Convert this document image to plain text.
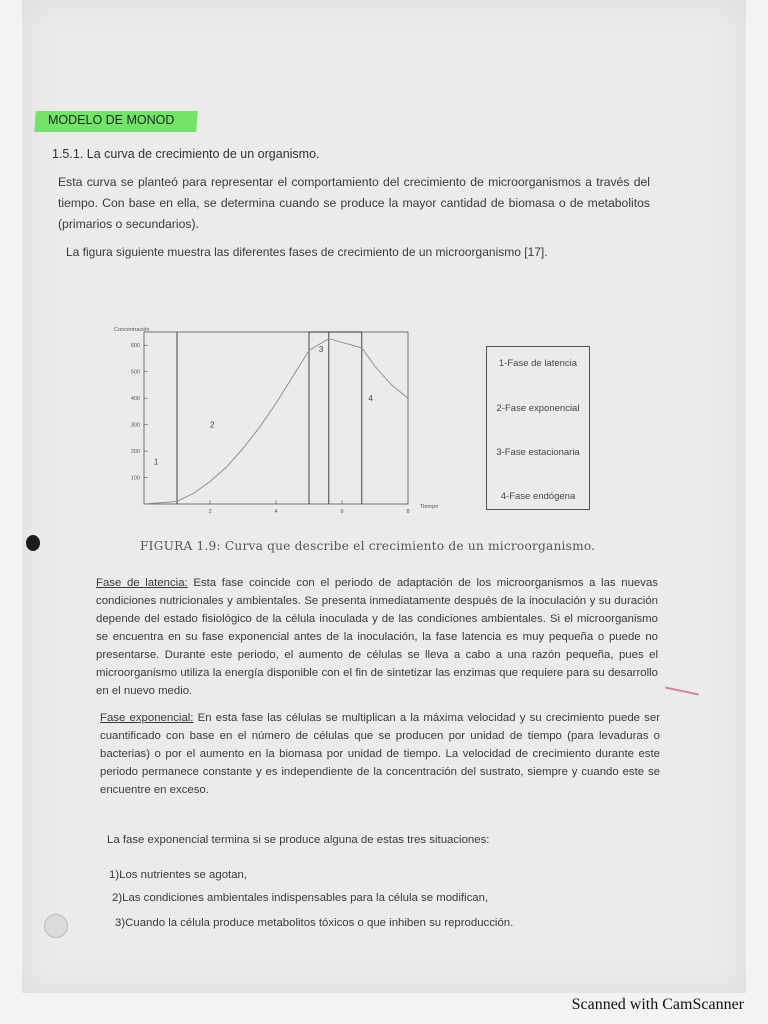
MODELO DE MONOD

1.5.1. La curva de crecimiento de un organismo.

Esta curva se planteó para representar el comportamiento del crecimiento de microorganismos a través del tiempo. Con base en ella, se determina cuando se produce la mayor cantidad de biomasa o de metabolitos (primarios o secundarios).

La figura siguiente muestra las diferentes fases de crecimiento de un microorganismo [17].

100
200
300
400
500
600
2	4	6	8
Concentración
Tiempo
1
2
3
4
1-Fase de latencia
2-Fase exponencial
3-Fase estacionaria
4-Fase endógena

FIGURA 1.9: Curva que describe el crecimiento de un microorganismo.

Fase de latencia: Esta fase coincide con el periodo de adaptación de los microorganismos a las nuevas condiciones nutricionales y ambientales. Se presenta inmediatamente después de la inoculación y su duración depende del estado fisiológico de la célula inoculada y de las condiciones ambientales. Si el microorganismo se encuentra en su fase exponencial antes de la inoculación, la fase latencia es muy pequeña o puede no presentarse. Durante este periodo, el aumento de células se lleva a cabo a una razón pequeña, pues el microorganismo utiliza la energía disponible con el fin de sintetizar las enzimas que requiere para su desarrollo en el nuevo medio.

Fase exponencial: En esta fase las células se multiplican a la máxima velocidad y su crecimiento puede ser cuantificado con base en el número de células que se producen por unidad de tiempo (para levaduras o bacterias) o por el aumento en la biomasa por unidad de tiempo. La velocidad de crecimiento durante este periodo permanece constante y es independiente de la concentración del sustrato, siempre y cuando este se encuentre en exceso.

La fase exponencial termina si se produce alguna de estas tres situaciones:

1)Los nutrientes se agotan,
2)Las condiciones ambientales indispensables para la célula se modifican,
3)Cuando la célula produce metabolitos tóxicos o que inhiben su reproducción.
Scanned with CamScanner
